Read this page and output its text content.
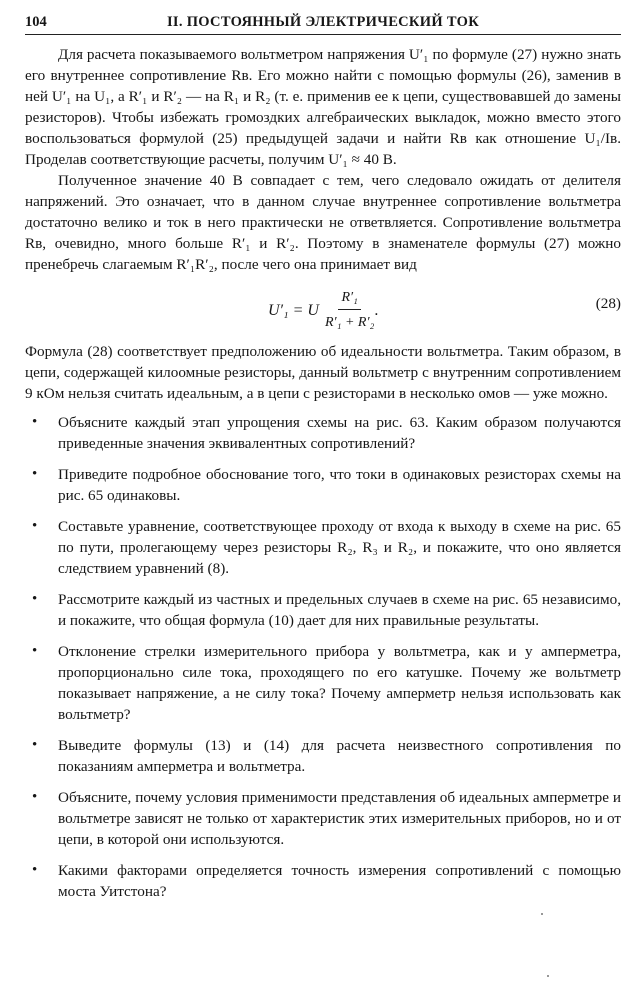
104	II. ПОСТОЯННЫЙ ЭЛЕКТРИЧЕСКИЙ ТОК

Для расчета показываемого вольтметром напряжения U′₁ по формуле (27) нужно знать его внутреннее сопротивление Rв. Его можно найти с помощью формулы (26), заменив в ней U′₁ на U₁, а R′₁ и R′₂ — на R₁ и R₂ (т. е. применив ее к цепи, существовавшей до замены резисторов). Чтобы избежать громоздких алгебраических выкладок, можно вместо этого воспользоваться формулой (25) предыдущей задачи и найти Rв как отношение U₁/Iв. Проделав соответствующие расчеты, получим U′₁ ≈ 40 В.

Полученное значение 40 В совпадает с тем, чего следовало ожидать от делителя напряжений. Это означает, что в данном случае внутреннее сопротивление вольтметра достаточно велико и ток в него практически не ответвляется. Сопротивление вольтметра Rв, очевидно, много больше R′₁ и R′₂. Поэтому в знаменателе формулы (27) можно пренебречь слагаемым R′₁R′₂, после чего она принимает вид

U′₁ = U $\frac{\text{R′₁}}{\text{R′₁ + R′₂}}$ .	(28)

Формула (28) соответствует предположению об идеальности вольтметра. Таким образом, в цепи, содержащей килоомные резисторы, данный вольтметр с внутренним сопротивлением 9 кОм нельзя считать идеальным, а в цепи с резисторами в несколько омов — уже можно.

• Объясните каждый этап упрощения схемы на рис. 63. Каким образом получаются приведенные значения эквивалентных сопротивлений?
• Приведите подробное обоснование того, что токи в одинаковых резисторах схемы на рис. 65 одинаковы.
• Составьте уравнение, соответствующее проходу от входа к выходу в схеме на рис. 65 по пути, пролегающему через резисторы R₂, R₃ и R₂, и покажите, что оно является следствием уравнений (8).
• Рассмотрите каждый из частных и предельных случаев в схеме на рис. 65 независимо, и покажите, что общая формула (10) дает для них правильные результаты.
• Отклонение стрелки измерительного прибора у вольтметра, как и у амперметра, пропорционально силе тока, проходящего по его катушке. Почему же вольтметр показывает напряжение, а не силу тока? Почему амперметр нельзя использовать как вольтметр?
• Выведите формулы (13) и (14) для расчета неизвестного сопротивления по показаниям амперметра и вольтметра.
• Объясните, почему условия применимости представления об идеальных амперметре и вольтметре зависят не только от характеристик этих измерительных приборов, но и от цепи, в которой они используются.
• Какими факторами определяется точность измерения сопротивлений с помощью моста Уитстона?
